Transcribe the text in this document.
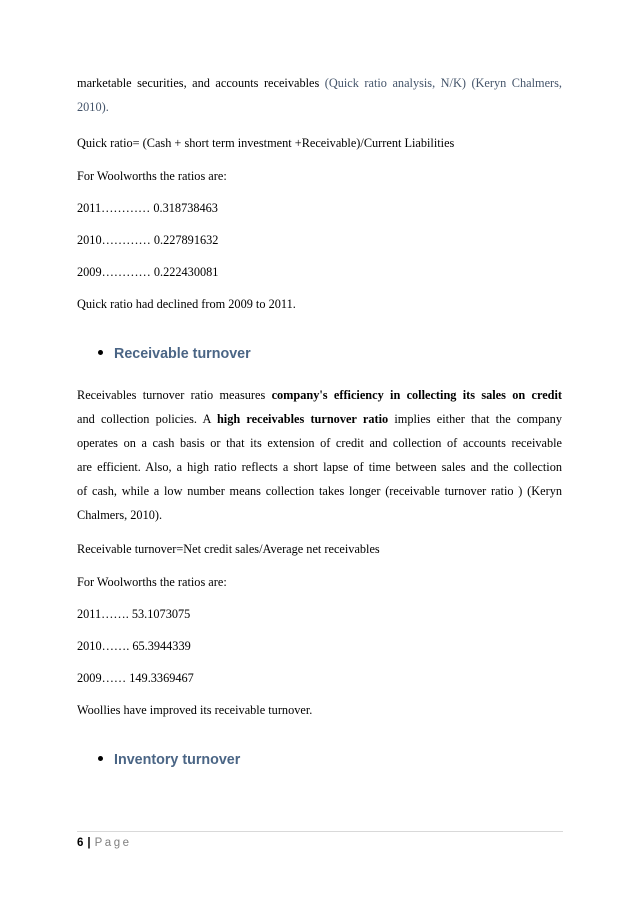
marketable securities, and accounts receivables (Quick ratio analysis, N/K) (Keryn Chalmers,
2010).
Quick ratio= (Cash + short term investment +Receivable)/Current Liabilities
For Woolworths the ratios are:
2011………… 0.318738463
2010………… 0.227891632
2009………… 0.222430081
Quick ratio had declined from 2009 to 2011.
Receivable turnover
Receivables turnover ratio measures company's efficiency in collecting its sales on credit
and collection policies. A high receivables turnover ratio implies either that the company
operates on a cash basis or that its extension of credit and collection of accounts receivable
are efficient. Also, a high ratio reflects a short lapse of time between sales and the collection
of cash, while a low number means collection takes longer (receivable turnover ratio ) (Keryn
Chalmers, 2010).
Receivable turnover=Net credit sales/Average net receivables
For Woolworths the ratios are:
2011……. 53.1073075
2010……. 65.3944339
2009…… 149.3369467
Woollies have improved its receivable turnover.
Inventory turnover
6 | Page
